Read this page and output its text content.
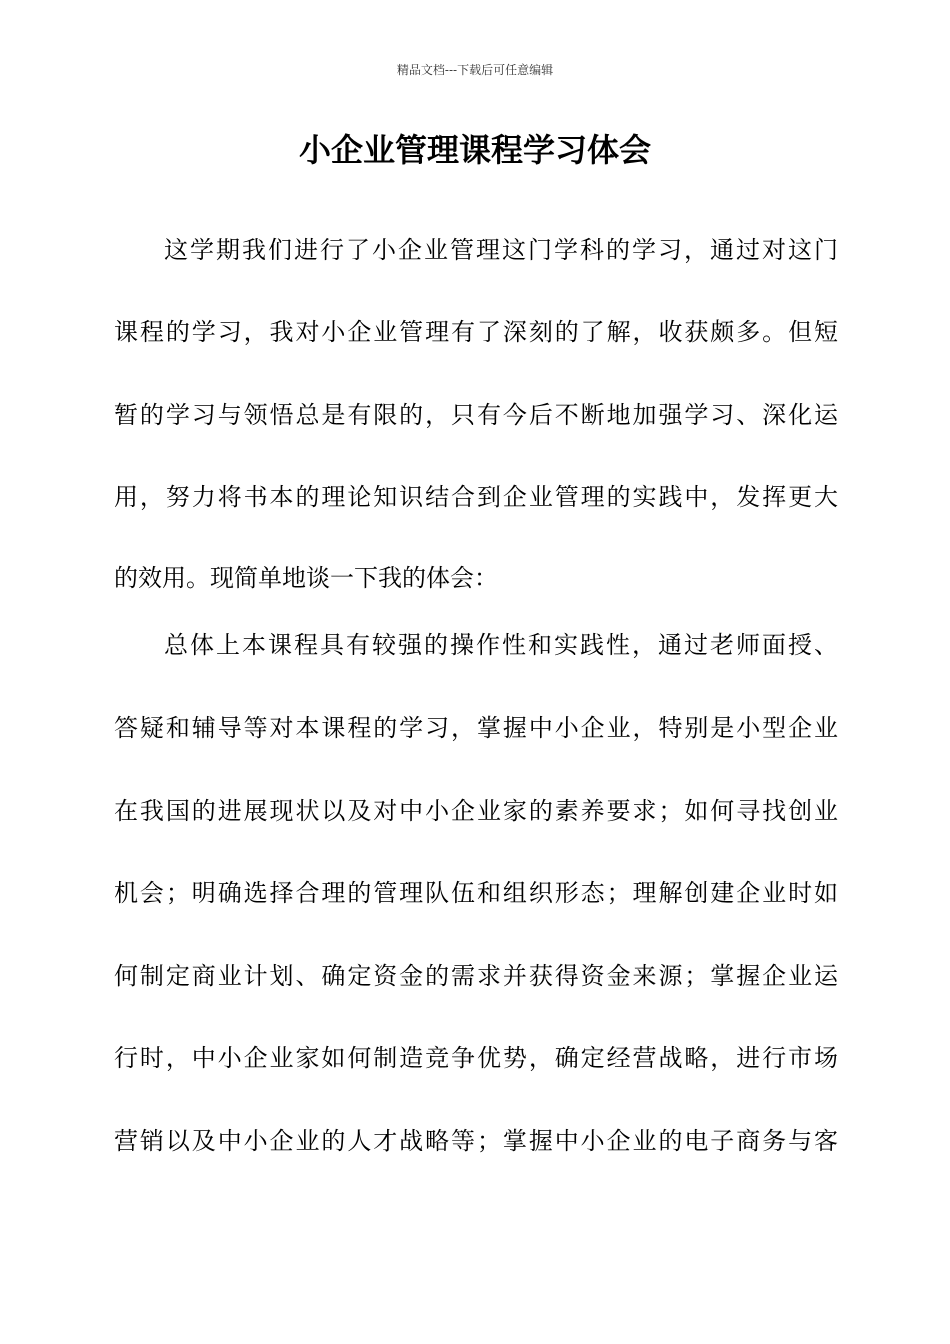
精品文档---下载后可任意编辑
小企业管理课程学习体会

这学期我们进行了小企业管理这门学科的学习，通过对这门

课程的学习，我对小企业管理有了深刻的了解，收获颇多。但短

暂的学习与领悟总是有限的，只有今后不断地加强学习、深化运

用，努力将书本的理论知识结合到企业管理的实践中，发挥更大

的效用。现简单地谈一下我的体会：

总体上本课程具有较强的操作性和实践性，通过老师面授、

答疑和辅导等对本课程的学习，掌握中小企业，特别是小型企业

在我国的进展现状以及对中小企业家的素养要求；如何寻找创业

机会；明确选择合理的管理队伍和组织形态；理解创建企业时如

何制定商业计划、确定资金的需求并获得资金来源；掌握企业运

行时，中小企业家如何制造竞争优势，确定经营战略，进行市场

营销以及中小企业的人才战略等；掌握中小企业的电子商务与客
